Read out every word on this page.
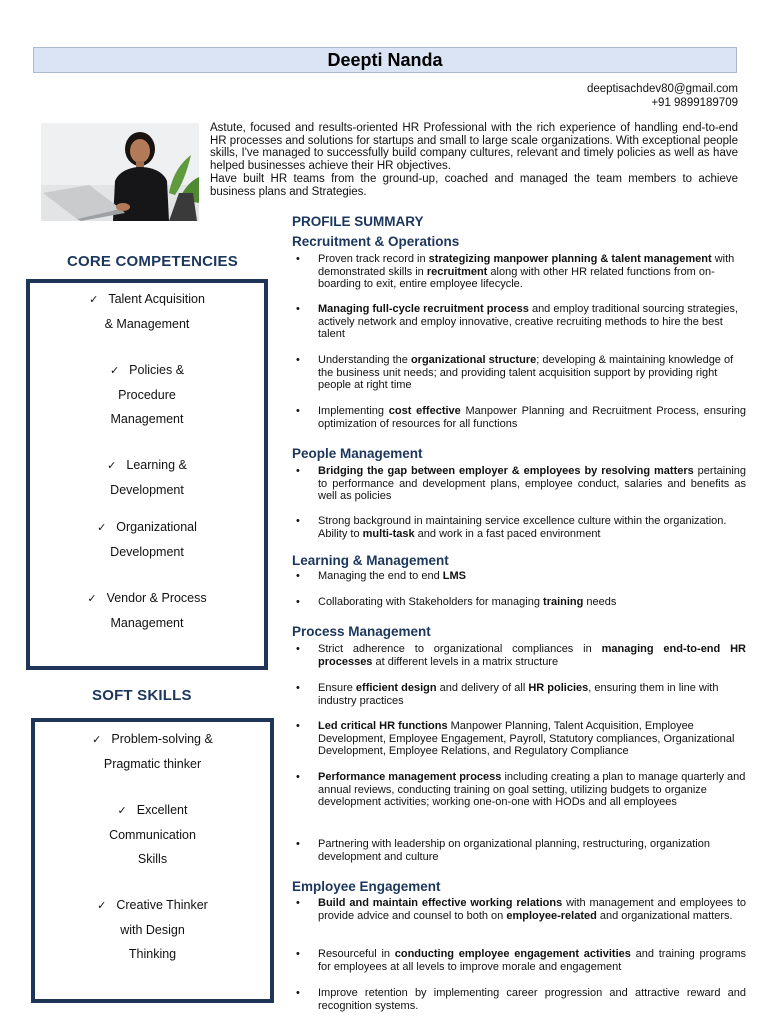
Deepti Nanda
deeptisachdev80@gmail.com
+91 9899189709

Astute, focused and results-oriented HR Professional with the rich experience of handling end-to-end HR processes and solutions for startups and small to large scale organizations. With exceptional people skills, I've managed to successfully build company cultures, relevant and timely policies as well as have helped businesses achieve their HR objectives.

Have built HR teams from the ground-up, coached and managed the team members to achieve business plans and Strategies.

CORE COMPETENCIES
✓ Talent Acquisition
& Management
✓ Policies &
Procedure
Management
✓ Learning &
Development
✓ Organizational
Development
✓ Vendor & Process
Management
SOFT SKILLS
✓ Problem-solving &
Pragmatic thinker
✓ Excellent
Communication
Skills
✓ Creative Thinker
with Design
Thinking
PROFILE SUMMARY
Recruitment & Operations
• Proven track record in strategizing manpower planning & talent management with demonstrated skills in recruitment along with other HR related functions from on-boarding to exit, entire employee lifecycle.
• Managing full-cycle recruitment process and employ traditional sourcing strategies, actively network and employ innovative, creative recruiting methods to hire the best talent
• Understanding the organizational structure; developing & maintaining knowledge of the business unit needs; and providing talent acquisition support by providing right people at right time
• Implementing cost effective Manpower Planning and Recruitment Process, ensuring optimization of resources for all functions
People Management
• Bridging the gap between employer & employees by resolving matters pertaining to performance and development plans, employee conduct, salaries and benefits as well as policies
• Strong background in maintaining service excellence culture within the organization. Ability to multi-task and work in a fast paced environment
Learning & Management
• Managing the end to end LMS
• Collaborating with Stakeholders for managing training needs
Process Management
• Strict adherence to organizational compliances in managing end-to-end HR processes at different levels in a matrix structure
• Ensure efficient design and delivery of all HR policies, ensuring them in line with industry practices
• Led critical HR functions Manpower Planning, Talent Acquisition, Employee Development, Employee Engagement, Payroll, Statutory compliances, Organizational Development, Employee Relations, and Regulatory Compliance
• Performance management process including creating a plan to manage quarterly and annual reviews, conducting training on goal setting, utilizing budgets to organize development activities; working one-on-one with HODs and all employees
• Partnering with leadership on organizational planning, restructuring, organization development and culture
Employee Engagement
• Build and maintain effective working relations with management and employees to provide advice and counsel to both on employee-related and organizational matters.
• Resourceful in conducting employee engagement activities and training programs for employees at all levels to improve morale and engagement
• Improve retention by implementing career progression and attractive reward and recognition systems.
